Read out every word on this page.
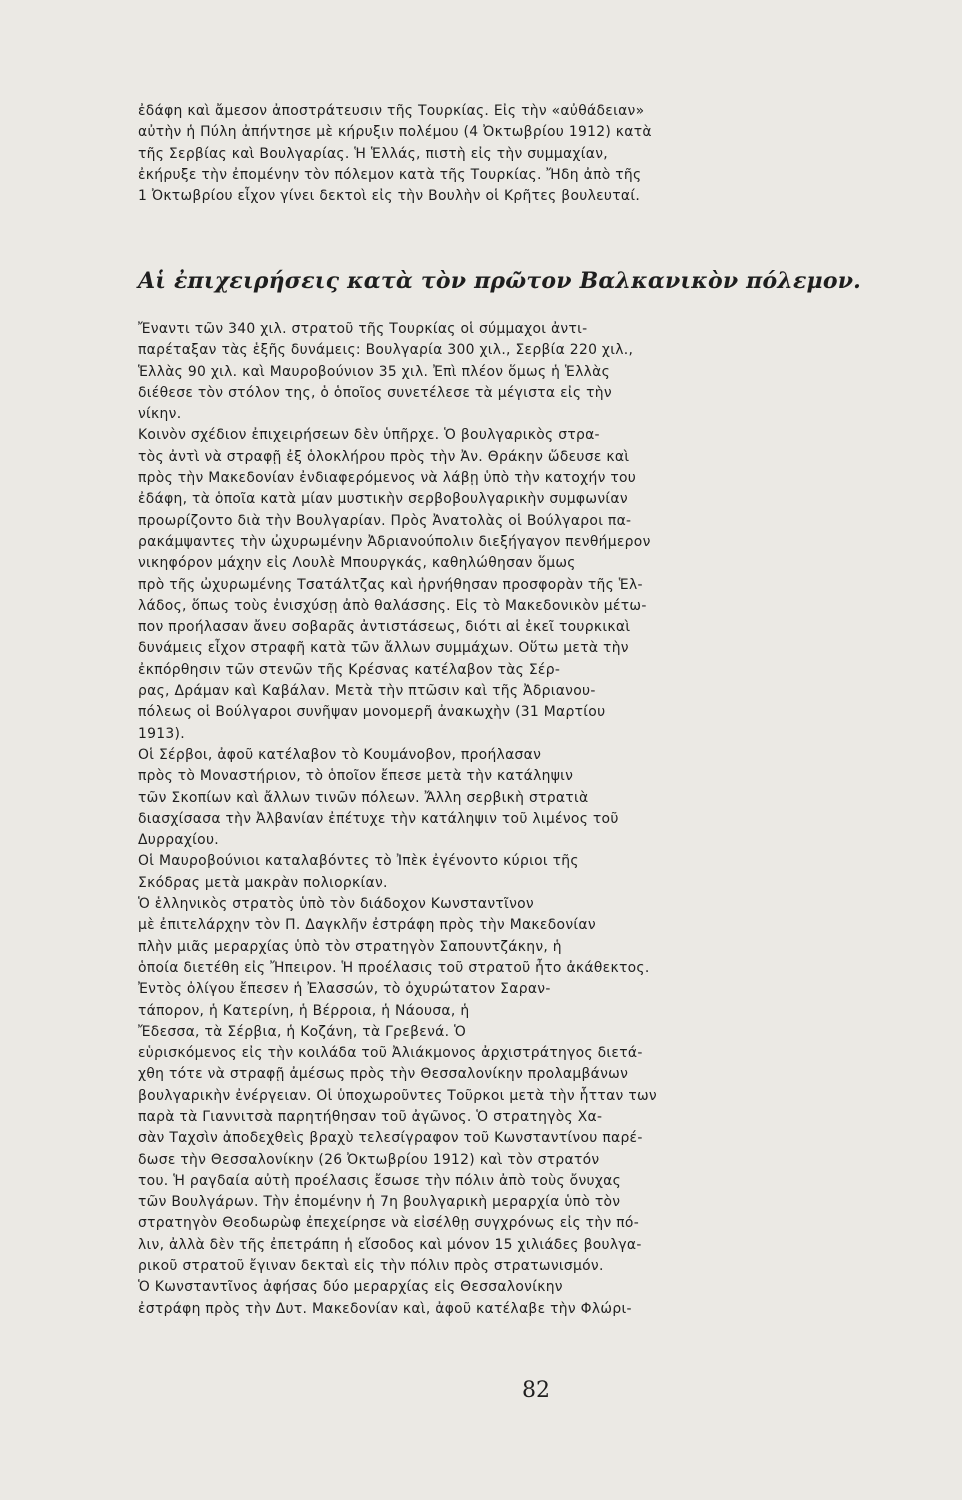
ἐδάφη καὶ ἄμεσον ἀποστράτευσιν τῆς Τουρκίας. Εἰς τὴν «αὐθάδειαν»
αὐτὴν ἡ Πύλη ἀπήντησε μὲ κήρυξιν πολέμου (4 Ὀκτωβρίου 1912) κατὰ
τῆς Σερβίας καὶ Βουλγαρίας. Ἡ Ἑλλάς, πιστὴ εἰς τὴν συμμαχίαν,
ἐκήρυξε τὴν ἐπομένην τὸν πόλεμον κατὰ τῆς Τουρκίας. Ἤδη ἀπὸ τῆς
1 Ὀκτωβρίου εἶχον γίνει δεκτοὶ εἰς τὴν Βουλὴν οἱ Κρῆτες βουλευταί.
Αἱ ἐπιχειρήσεις κατὰ τὸν πρῶτον Βαλκανικὸν πόλεμον.
Ἔναντι τῶν 340 χιλ. στρατοῦ τῆς Τουρκίας οἱ σύμμαχοι ἀντι-
παρέταξαν τὰς ἑξῆς δυνάμεις: Βουλγαρία 300 χιλ., Σερβία 220 χιλ.,
Ἑλλὰς 90 χιλ. καὶ Μαυροβούνιον 35 χιλ. Ἐπὶ πλέον ὅμως ἡ Ἑλλὰς
διέθεσε τὸν στόλον της, ὁ ὁποῖος συνετέλεσε τὰ μέγιστα εἰς τὴν
νίκην.
Κοινὸν σχέδιον ἐπιχειρήσεων δὲν ὑπῆρχε. Ὁ βουλγαρικὸς στρα-
τὸς ἀντὶ νὰ στραφῇ ἐξ ὁλοκλήρου πρὸς τὴν Ἀν. Θράκην ὥδευσε καὶ
πρὸς τὴν Μακεδονίαν ἐνδιαφερόμενος νὰ λάβῃ ὑπὸ τὴν κατοχήν του
ἐδάφη, τὰ ὁποῖα κατὰ μίαν μυστικὴν σερβοβουλγαρικὴν συμφωνίαν
προωρίζοντο διὰ τὴν Βουλγαρίαν. Πρὸς Ἀνατολὰς οἱ Βούλγαροι πα-
ρακάμψαντες τὴν ὠχυρωμένην Ἀδριανούπολιν διεξήγαγον πενθήμερον
νικηφόρον μάχην εἰς Λουλὲ Μπουργκάς, καθηλώθησαν ὅμως
πρὸ τῆς ὠχυρωμένης Τσατάλτζας καὶ ἠρνήθησαν προσφορὰν τῆς Ἑλ-
λάδος, ὅπως τοὺς ἐνισχύσῃ ἀπὸ θαλάσσης. Εἰς τὸ Μακεδονικὸν μέτω-
πον προήλασαν ἄνευ σοβαρᾶς ἀντιστάσεως, διότι αἱ ἐκεῖ τουρκικαὶ
δυνάμεις εἶχον στραφῆ κατὰ τῶν ἄλλων συμμάχων. Οὕτω μετὰ τὴν
ἐκπόρθησιν τῶν στενῶν τῆς Κρέσνας κατέλαβον τὰς Σέρ-
ρας, Δράμαν καὶ Καβάλαν. Μετὰ τὴν πτῶσιν καὶ τῆς Ἀδριανου-
πόλεως οἱ Βούλγαροι συνῆψαν μονομερῆ ἀνακωχὴν (31 Μαρτίου
1913).
Οἱ Σέρβοι, ἀφοῦ κατέλαβον τὸ Κουμάνοβον, προήλασαν
πρὸς τὸ Μοναστήριον, τὸ ὁποῖον ἔπεσε μετὰ τὴν κατάληψιν
τῶν Σκοπίων καὶ ἄλλων τινῶν πόλεων. Ἄλλη σερβικὴ στρατιὰ
διασχίσασα τὴν Ἀλβανίαν ἐπέτυχε τὴν κατάληψιν τοῦ λιμένος τοῦ
Δυρραχίου.
Οἱ Μαυροβούνιοι καταλαβόντες τὸ Ἰπὲκ ἐγένοντο κύριοι τῆς
Σκόδρας μετὰ μακρὰν πολιορκίαν.
Ὁ ἑλληνικὸς στρατὸς ὑπὸ τὸν διάδοχον Κωνσταντῖνον
μὲ ἐπιτελάρχην τὸν Π. Δαγκλῆν ἐστράφη πρὸς τὴν Μακεδονίαν
πλὴν μιᾶς μεραρχίας ὑπὸ τὸν στρατηγὸν Σαπουντζάκην, ἡ
ὁποία διετέθη εἰς Ἤπειρον. Ἡ προέλασις τοῦ στρατοῦ ἦτο ἀκάθεκτος.
Ἐντὸς ὀλίγου ἔπεσεν ἡ Ἐλασσών, τὸ ὀχυρώτατον Σαραν-
τάπορον, ἡ Κατερίνη, ἡ Βέρροια, ἡ Νάουσα, ἡ
Ἔδεσσα, τὰ Σέρβια, ἡ Κοζάνη, τὰ Γρεβενά. Ὁ
εὑρισκόμενος εἰς τὴν κοιλάδα τοῦ Ἀλιάκμονος ἀρχιστράτηγος διετά-
χθη τότε νὰ στραφῇ ἀμέσως πρὸς τὴν Θεσσαλονίκην προλαμβάνων
βουλγαρικὴν ἐνέργειαν. Οἱ ὑποχωροῦντες Τοῦρκοι μετὰ τὴν ἧτταν των
παρὰ τὰ Γιαννιτσὰ παρητήθησαν τοῦ ἀγῶνος. Ὁ στρατηγὸς Χα-
σὰν Ταχσὶν ἀποδεχθεὶς βραχὺ τελεσίγραφον τοῦ Κωνσταντίνου παρέ-
δωσε τὴν Θεσσαλονίκην (26 Ὀκτωβρίου 1912) καὶ τὸν στρατόν
του. Ἡ ραγδαία αὐτὴ προέλασις ἔσωσε τὴν πόλιν ἀπὸ τοὺς ὄνυχας
τῶν Βουλγάρων. Τὴν ἐπομένην ἡ 7η βουλγαρικὴ μεραρχία ὑπὸ τὸν
στρατηγὸν Θεοδωρὼφ ἐπεχείρησε νὰ εἰσέλθῃ συγχρόνως εἰς τὴν πό-
λιν, ἀλλὰ δὲν τῆς ἐπετράπη ἡ εἴσοδος καὶ μόνον 15 χιλιάδες βουλγα-
ρικοῦ στρατοῦ ἔγιναν δεκταὶ εἰς τὴν πόλιν πρὸς στρατωνισμόν.
Ὁ Κωνσταντῖνος ἀφήσας δύο μεραρχίας εἰς Θεσσαλονίκην
ἐστράφη πρὸς τὴν Δυτ. Μακεδονίαν καὶ, ἀφοῦ κατέλαβε τὴν Φλώρι-
82
